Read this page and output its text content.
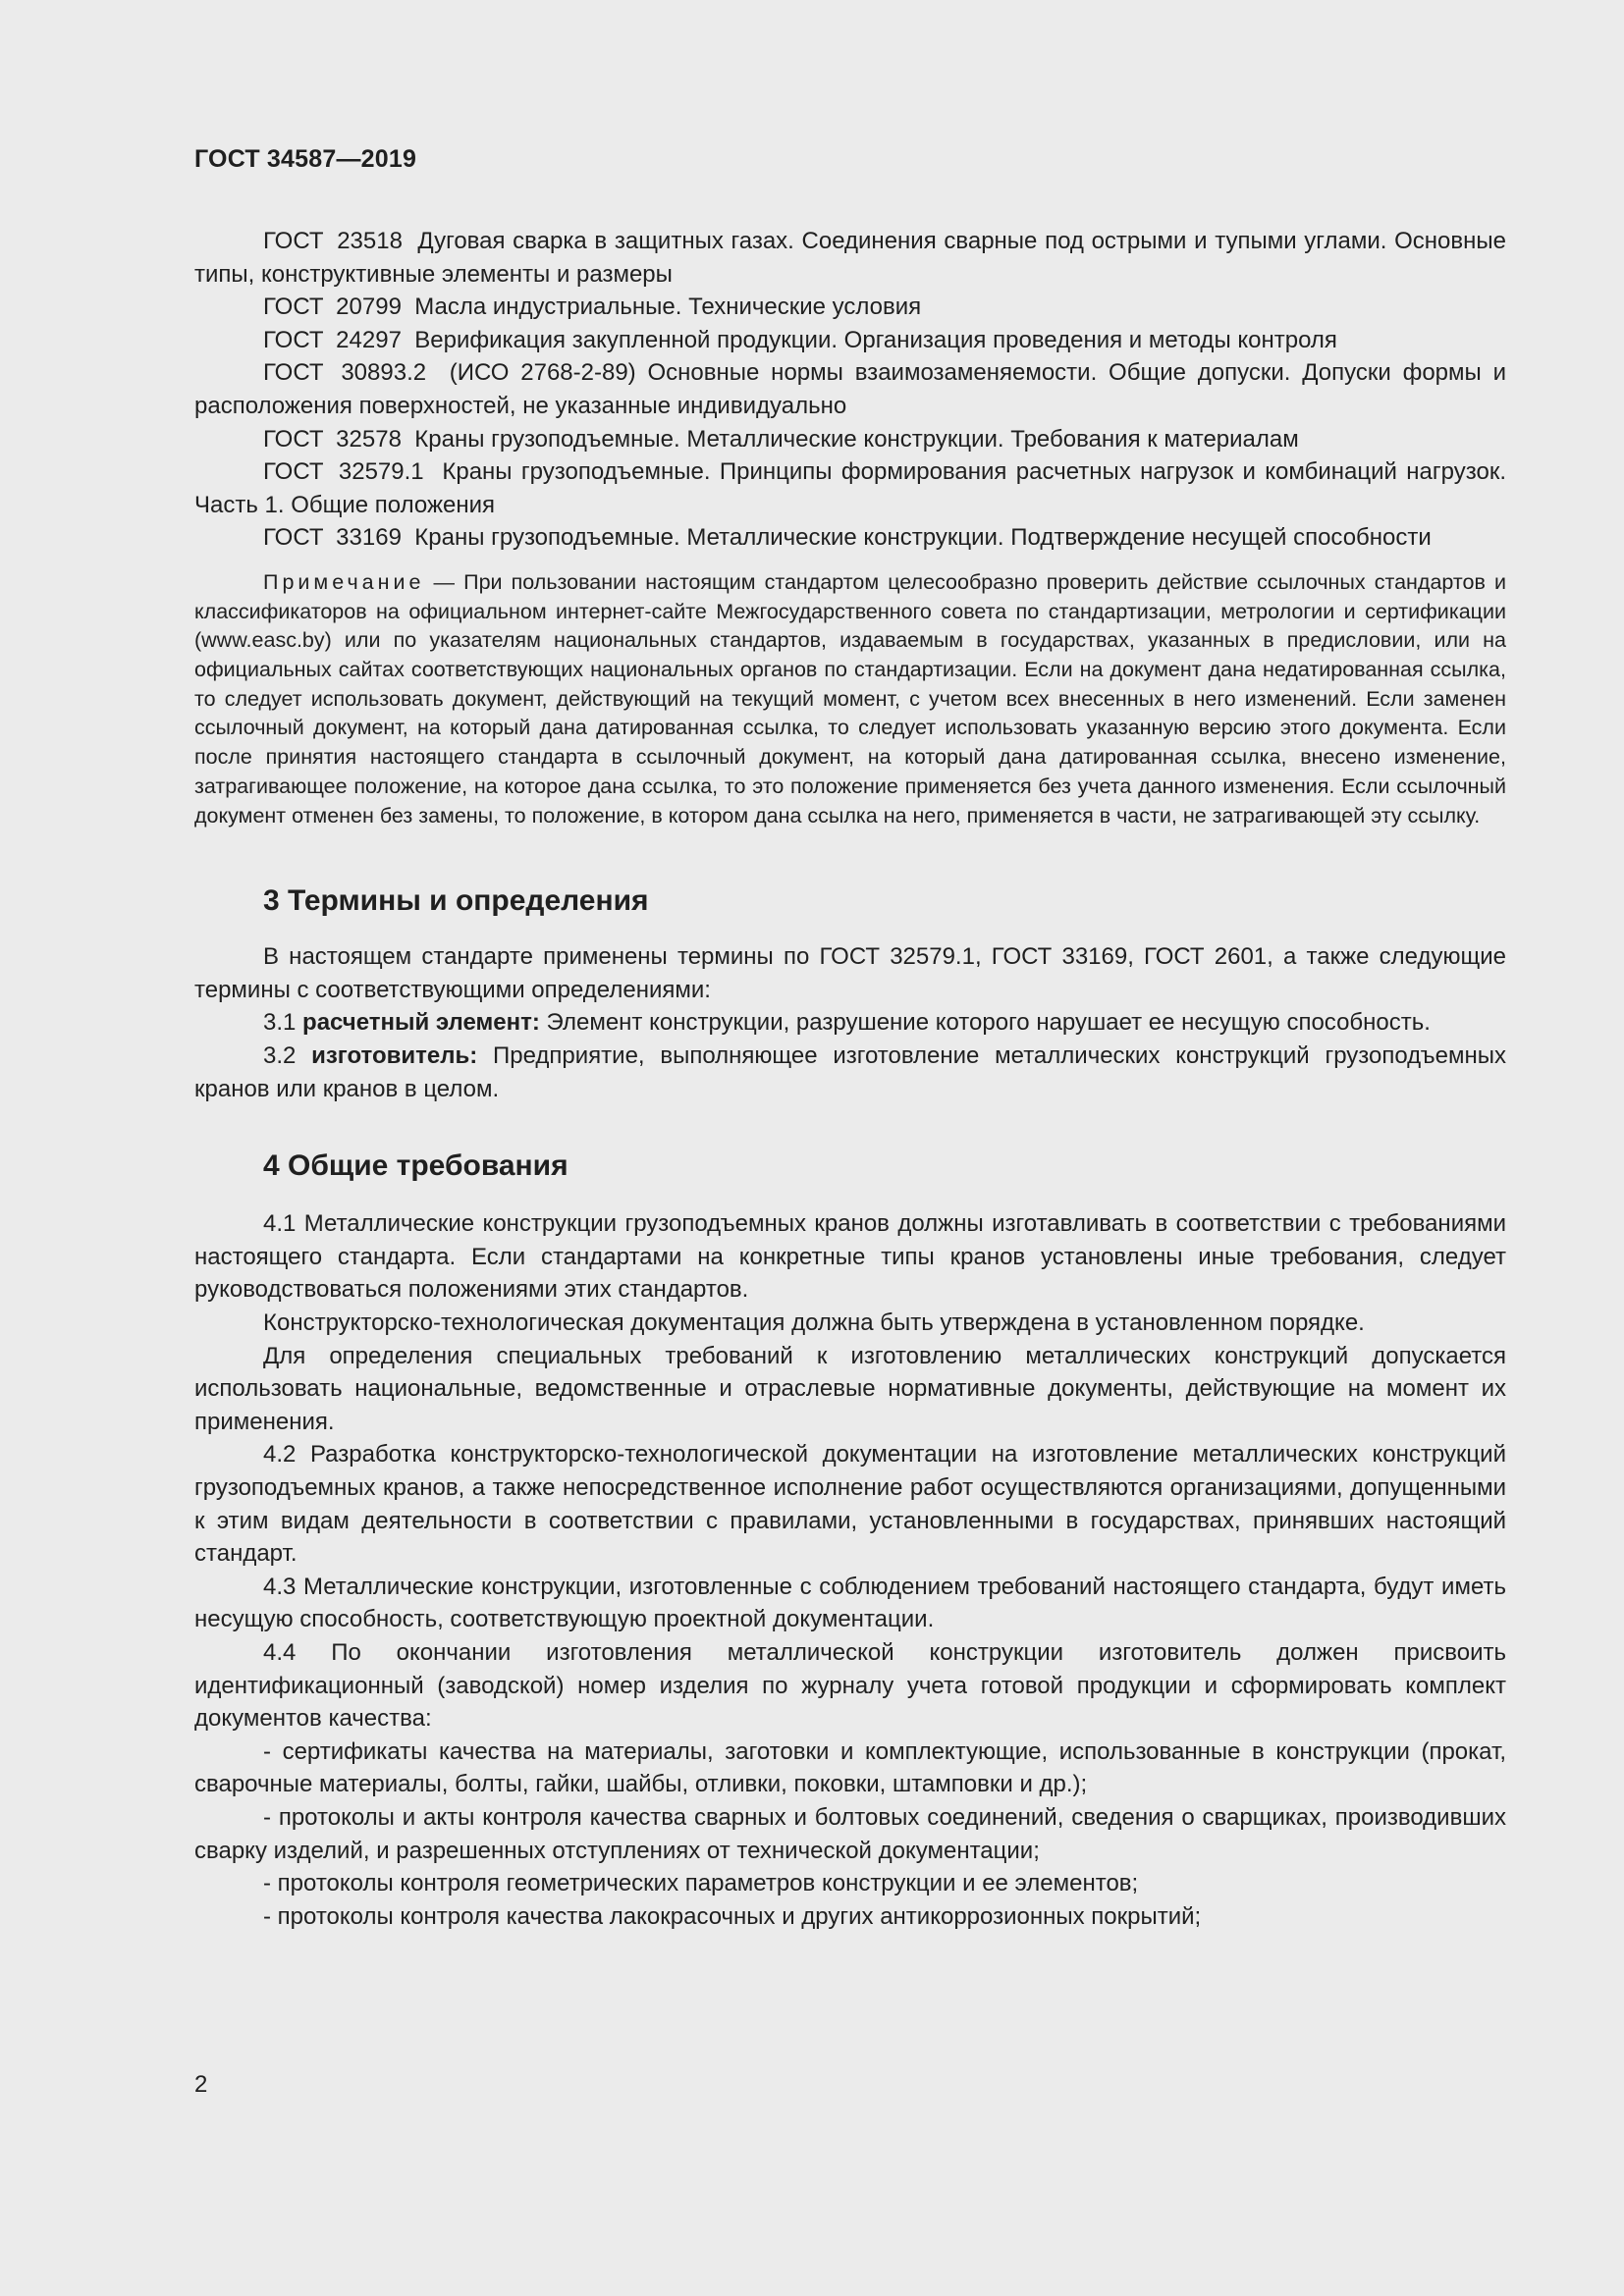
ГОСТ 34587—2019

ГОСТ 23518 Дуговая сварка в защитных газах. Соединения сварные под острыми и тупыми углами. Основные типы, конструктивные элементы и размеры

ГОСТ 20799 Масла индустриальные. Технические условия

ГОСТ 24297 Верификация закупленной продукции. Организация проведения и методы контроля

ГОСТ 30893.2 (ИСО 2768-2-89) Основные нормы взаимозаменяемости. Общие допуски. Допуски формы и расположения поверхностей, не указанные индивидуально

ГОСТ 32578 Краны грузоподъемные. Металлические конструкции. Требования к материалам

ГОСТ 32579.1 Краны грузоподъемные. Принципы формирования расчетных нагрузок и комбинаций нагрузок. Часть 1. Общие положения

ГОСТ 33169 Краны грузоподъемные. Металлические конструкции. Подтверждение несущей способности

Примечание — При пользовании настоящим стандартом целесообразно проверить действие ссылочных стандартов и классификаторов на официальном интернет-сайте Межгосударственного совета по стандартизации, метрологии и сертификации (www.easc.by) или по указателям национальных стандартов, издаваемым в государствах, указанных в предисловии, или на официальных сайтах соответствующих национальных органов по стандартизации. Если на документ дана недатированная ссылка, то следует использовать документ, действующий на текущий момент, с учетом всех внесенных в него изменений. Если заменен ссылочный документ, на который дана датированная ссылка, то следует использовать указанную версию этого документа. Если после принятия настоящего стандарта в ссылочный документ, на который дана датированная ссылка, внесено изменение, затрагивающее положение, на которое дана ссылка, то это положение применяется без учета данного изменения. Если ссылочный документ отменен без замены, то положение, в котором дана ссылка на него, применяется в части, не затрагивающей эту ссылку.

3 Термины и определения

В настоящем стандарте применены термины по ГОСТ 32579.1, ГОСТ 33169, ГОСТ 2601, а также следующие термины с соответствующими определениями:

3.1 расчетный элемент: Элемент конструкции, разрушение которого нарушает ее несущую способность.

3.2 изготовитель: Предприятие, выполняющее изготовление металлических конструкций грузоподъемных кранов или кранов в целом.

4 Общие требования

4.1 Металлические конструкции грузоподъемных кранов должны изготавливать в соответствии с требованиями настоящего стандарта. Если стандартами на конкретные типы кранов установлены иные требования, следует руководствоваться положениями этих стандартов.

Конструкторско-технологическая документация должна быть утверждена в установленном порядке.

Для определения специальных требований к изготовлению металлических конструкций допускается использовать национальные, ведомственные и отраслевые нормативные документы, действующие на момент их применения.

4.2 Разработка конструкторско-технологической документации на изготовление металлических конструкций грузоподъемных кранов, а также непосредственное исполнение работ осуществляются организациями, допущенными к этим видам деятельности в соответствии с правилами, установленными в государствах, принявших настоящий стандарт.

4.3 Металлические конструкции, изготовленные с соблюдением требований настоящего стандарта, будут иметь несущую способность, соответствующую проектной документации.

4.4 По окончании изготовления металлической конструкции изготовитель должен присвоить идентификационный (заводской) номер изделия по журналу учета готовой продукции и сформировать комплект документов качества:

- сертификаты качества на материалы, заготовки и комплектующие, использованные в конструкции (прокат, сварочные материалы, болты, гайки, шайбы, отливки, поковки, штамповки и др.);

- протоколы и акты контроля качества сварных и болтовых соединений, сведения о сварщиках, производивших сварку изделий, и разрешенных отступлениях от технической документации;

- протоколы контроля геометрических параметров конструкции и ее элементов;

- протоколы контроля качества лакокрасочных и других антикоррозионных покрытий;

2
